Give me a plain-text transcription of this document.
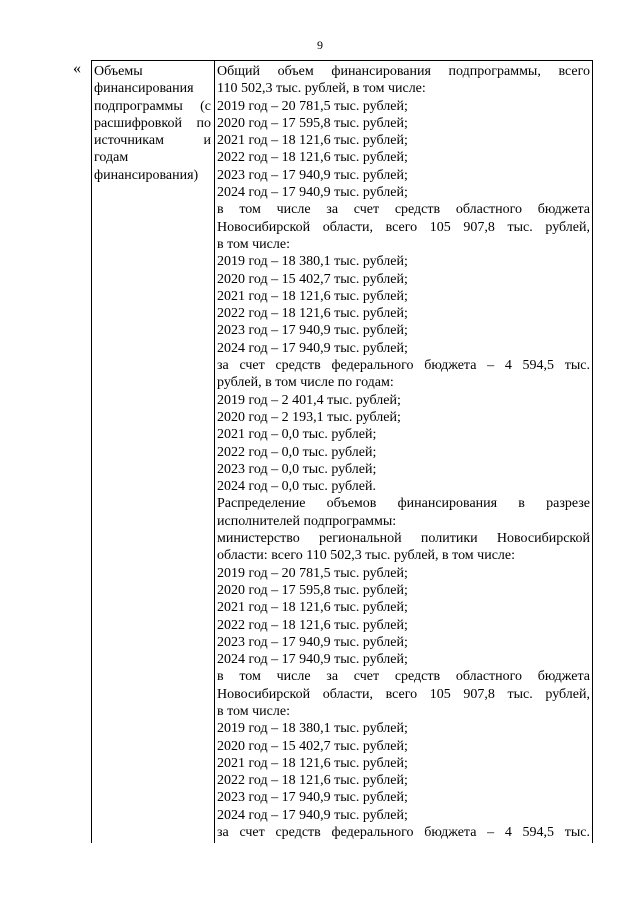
9
« Объемы
финансирования
подпрограммы (с
расшифровкой по
источникам и
годам
финансирования)
Общий объем финансирования подпрограммы, всего
110 502,3 тыс. рублей, в том числе:
2019 год – 20 781,5 тыс. рублей;
2020 год – 17 595,8 тыс. рублей;
2021 год – 18 121,6 тыс. рублей;
2022 год – 18 121,6 тыс. рублей;
2023 год – 17 940,9 тыс. рублей;
2024 год – 17 940,9 тыс. рублей;
в том числе за счет средств областного бюджета
Новосибирской области, всего 105 907,8 тыс. рублей,
в том числе:
2019 год – 18 380,1 тыс. рублей;
2020 год – 15 402,7 тыс. рублей;
2021 год – 18 121,6 тыс. рублей;
2022 год – 18 121,6 тыс. рублей;
2023 год – 17 940,9 тыс. рублей;
2024 год – 17 940,9 тыс. рублей;
за счет средств федерального бюджета – 4 594,5 тыс.
рублей, в том числе по годам:
2019 год – 2 401,4 тыс. рублей;
2020 год – 2 193,1 тыс. рублей;
2021 год – 0,0 тыс. рублей;
2022 год – 0,0 тыс. рублей;
2023 год – 0,0 тыс. рублей;
2024 год – 0,0 тыс. рублей.
Распределение объемов финансирования в разрезе
исполнителей подпрограммы:
министерство региональной политики Новосибирской
области: всего 110 502,3 тыс. рублей, в том числе:
2019 год – 20 781,5 тыс. рублей;
2020 год – 17 595,8 тыс. рублей;
2021 год – 18 121,6 тыс. рублей;
2022 год – 18 121,6 тыс. рублей;
2023 год – 17 940,9 тыс. рублей;
2024 год – 17 940,9 тыс. рублей;
в том числе за счет средств областного бюджета
Новосибирской области, всего 105 907,8 тыс. рублей,
в том числе:
2019 год – 18 380,1 тыс. рублей;
2020 год – 15 402,7 тыс. рублей;
2021 год – 18 121,6 тыс. рублей;
2022 год – 18 121,6 тыс. рублей;
2023 год – 17 940,9 тыс. рублей;
2024 год – 17 940,9 тыс. рублей;
за счет средств федерального бюджета – 4 594,5 тыс.
